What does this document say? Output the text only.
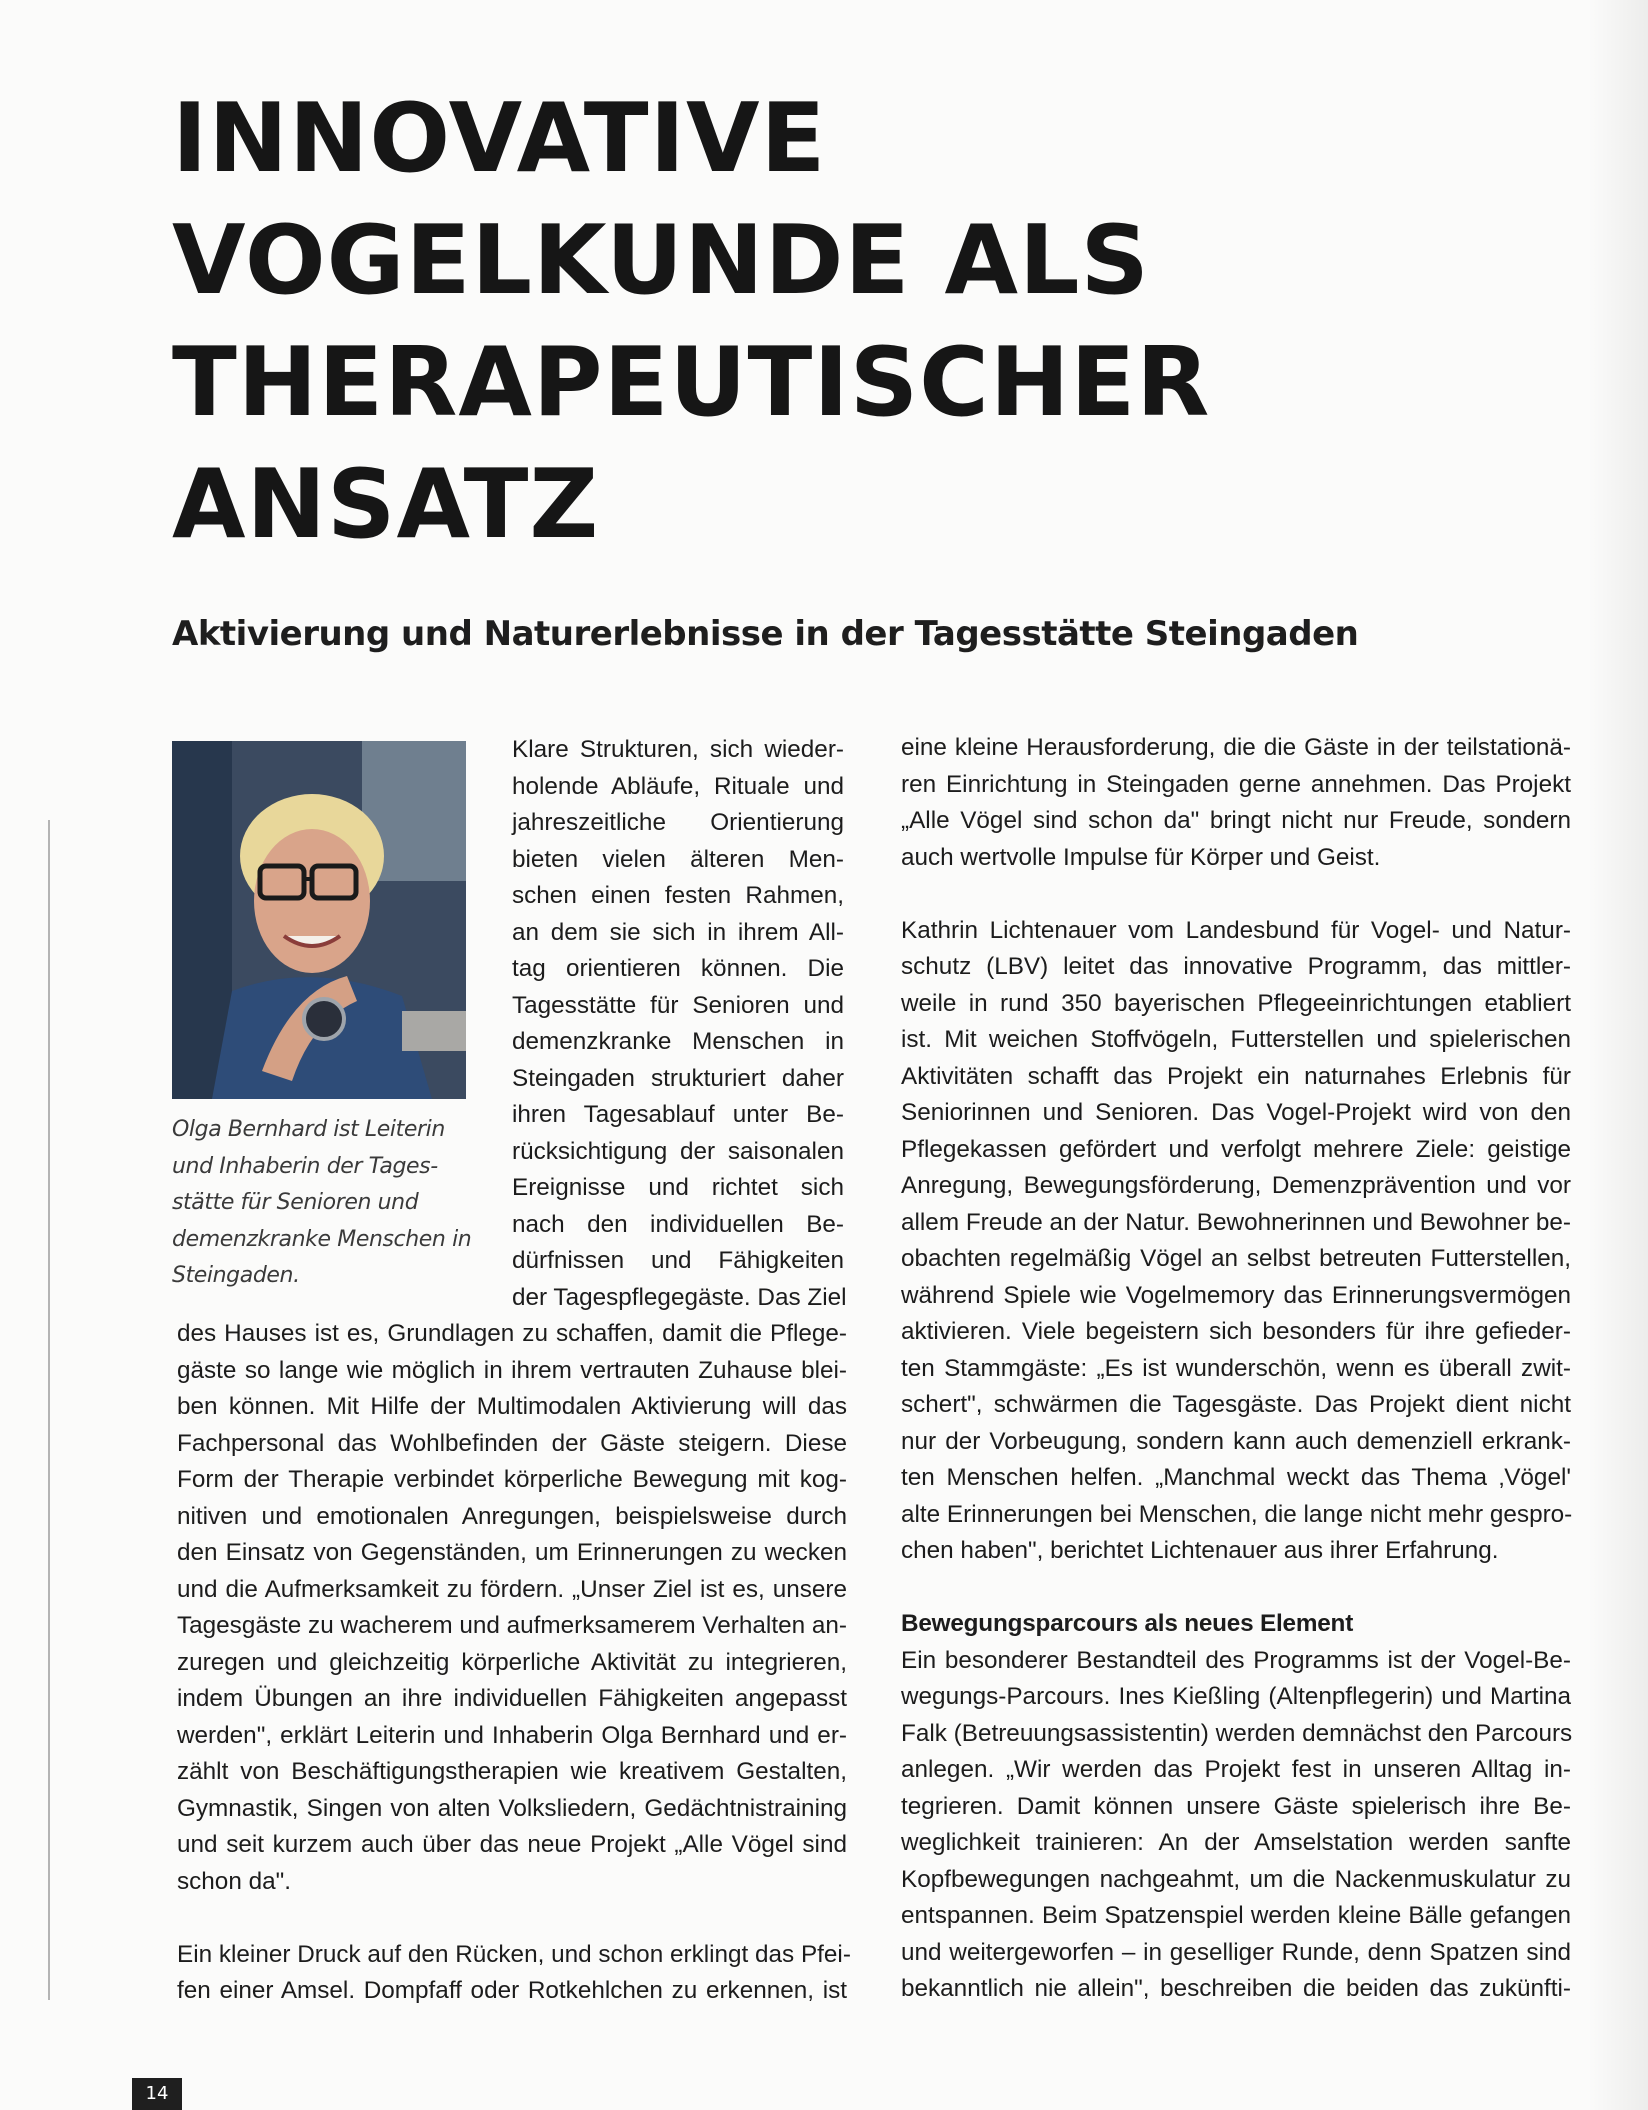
INNOVATIVE VOGELKUNDE ALS THERAPEUTISCHER ANSATZ
Aktivierung und Naturerlebnisse in der Tagesstätte Steingaden
Olga Bernhard ist Leiterin
und Inhaberin der Tages-
stätte für Senioren und
demenzkranke Menschen in
Steingaden.
Klare Strukturen, sich wieder-
holende Abläufe, Rituale und
jahreszeitliche Orientierung
bieten vielen älteren Men-
schen einen festen Rahmen,
an dem sie sich in ihrem All-
tag orientieren können. Die
Tagesstätte für Senioren und
demenzkranke Menschen in
Steingaden strukturiert daher
ihren Tagesablauf unter Be-
rücksichtigung der saisonalen
Ereignisse und richtet sich
nach den individuellen Be-
dürfnissen und Fähigkeiten
der Tagespflegegäste. Das Ziel
des Hauses ist es, Grundlagen zu schaffen, damit die Pflege-
gäste so lange wie möglich in ihrem vertrauten Zuhause blei-
ben können. Mit Hilfe der Multimodalen Aktivierung will das
Fachpersonal das Wohlbefinden der Gäste steigern. Diese
Form der Therapie verbindet körperliche Bewegung mit kog-
nitiven und emotionalen Anregungen, beispielsweise durch
den Einsatz von Gegenständen, um Erinnerungen zu wecken
und die Aufmerksamkeit zu fördern. „Unser Ziel ist es, unsere
Tagesgäste zu wacherem und aufmerksamerem Verhalten an-
zuregen und gleichzeitig körperliche Aktivität zu integrieren,
indem Übungen an ihre individuellen Fähigkeiten angepasst
werden", erklärt Leiterin und Inhaberin Olga Bernhard und er-
zählt von Beschäftigungstherapien wie kreativem Gestalten,
Gymnastik, Singen von alten Volksliedern, Gedächtnistraining
und seit kurzem auch über das neue Projekt „Alle Vögel sind
schon da".
Ein kleiner Druck auf den Rücken, und schon erklingt das Pfei-
fen einer Amsel. Dompfaff oder Rotkehlchen zu erkennen, ist
eine kleine Herausforderung, die die Gäste in der teilstationä-
ren Einrichtung in Steingaden gerne annehmen. Das Projekt
„Alle Vögel sind schon da" bringt nicht nur Freude, sondern
auch wertvolle Impulse für Körper und Geist.
Kathrin Lichtenauer vom Landesbund für Vogel- und Natur-
schutz (LBV) leitet das innovative Programm, das mittler-
weile in rund 350 bayerischen Pflegeeinrichtungen etabliert
ist. Mit weichen Stoffvögeln, Futterstellen und spielerischen
Aktivitäten schafft das Projekt ein naturnahes Erlebnis für
Seniorinnen und Senioren. Das Vogel-Projekt wird von den
Pflegekassen gefördert und verfolgt mehrere Ziele: geistige
Anregung, Bewegungsförderung, Demenzprävention und vor
allem Freude an der Natur. Bewohnerinnen und Bewohner be-
obachten regelmäßig Vögel an selbst betreuten Futterstellen,
während Spiele wie Vogelmemory das Erinnerungsvermögen
aktivieren. Viele begeistern sich besonders für ihre gefieder-
ten Stammgäste: „Es ist wunderschön, wenn es überall zwit-
schert", schwärmen die Tagesgäste. Das Projekt dient nicht
nur der Vorbeugung, sondern kann auch demenziell erkrank-
ten Menschen helfen. „Manchmal weckt das Thema ‚Vögel'
alte Erinnerungen bei Menschen, die lange nicht mehr gespro-
chen haben", berichtet Lichtenauer aus ihrer Erfahrung.
Bewegungsparcours als neues Element
Ein besonderer Bestandteil des Programms ist der Vogel-Be-
wegungs-Parcours. Ines Kießling (Altenpflegerin) und Martina
Falk (Betreuungsassistentin) werden demnächst den Parcours
anlegen. „Wir werden das Projekt fest in unseren Alltag in-
tegrieren. Damit können unsere Gäste spielerisch ihre Be-
weglichkeit trainieren: An der Amselstation werden sanfte
Kopfbewegungen nachgeahmt, um die Nackenmuskulatur zu
entspannen. Beim Spatzenspiel werden kleine Bälle gefangen
und weitergeworfen – in geselliger Runde, denn Spatzen sind
bekanntlich nie allein", beschreiben die beiden das zukünfti-
14
